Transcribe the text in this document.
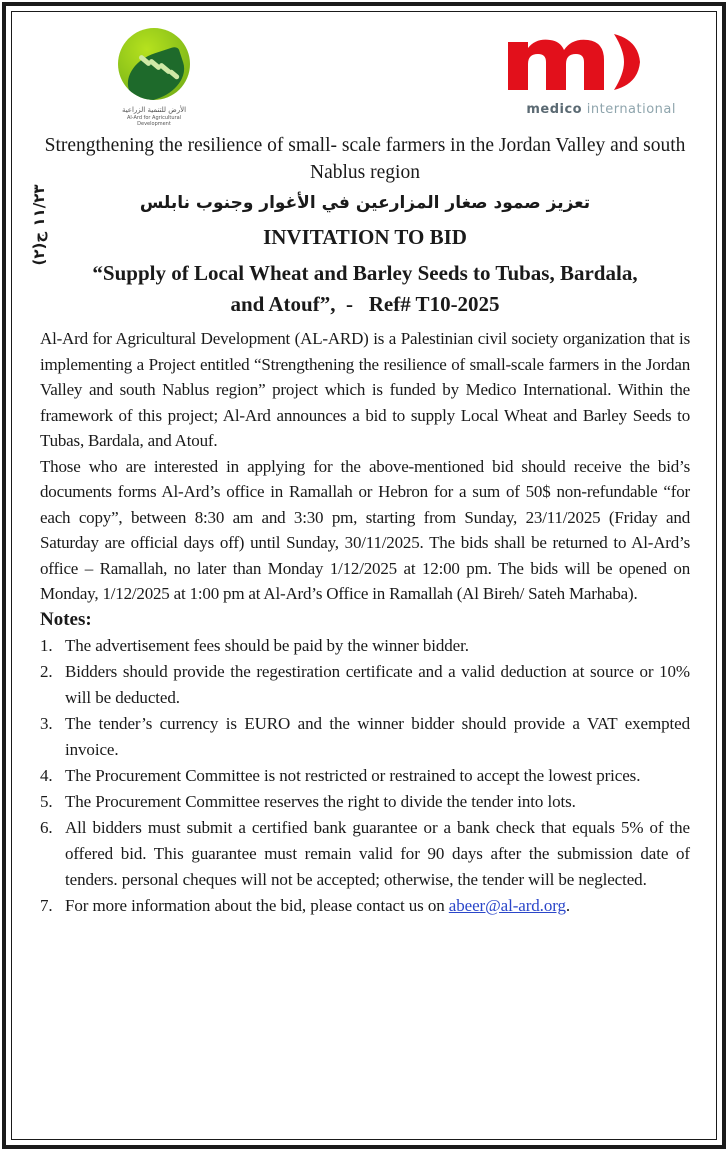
الأرض للتنمية الزراعية
Al-Ard for Agricultural Development
medico international
(٢)١١/٢٣ ج

Strengthening the resilience of small- scale farmers in the Jordan Valley and south Nablus region

تعزيز صمود صغار المزارعين في الأغوار وجنوب نابلس

INVITATION TO BID

“Supply of Local Wheat and Barley Seeds to Tubas, Bardala,
and Atouf”,  -   Ref# T10-2025

Al-Ard for Agricultural Development (AL-ARD) is a Palestinian civil society organization that is implementing a Project entitled “Strengthening the resilience of small-scale farmers in the Jordan Valley and south Nablus region” project which is funded by Medico International. Within the framework of this project; Al-Ard announces a bid to supply Local Wheat and Barley Seeds to Tubas, Bardala, and Atouf.

Those who are interested in applying for the above-mentioned bid should receive the bid’s documents forms Al-Ard’s office in Ramallah or Hebron for a sum of 50$ non-refundable “for each copy”, between 8:30 am and 3:30 pm, starting from Sunday, 23/11/2025 (Friday and Saturday are official days off) until Sunday, 30/11/2025. The bids shall be returned to Al-Ard’s office – Ramallah, no later than Monday 1/12/2025 at 12:00 pm. The bids will be opened on Monday, 1/12/2025 at 1:00 pm at Al-Ard’s Office in Ramallah (Al Bireh/ Sateh Marhaba).

Notes:

1. The advertisement fees should be paid by the winner bidder.
2. Bidders should provide the regestiration certificate and a valid deduction at source or 10% will be deducted.
3. The tender’s currency is EURO and the winner bidder should provide a VAT exempted invoice.
4. The Procurement Committee is not restricted or restrained to accept the lowest prices.
5. The Procurement Committee reserves the right to divide the tender into lots.
6. All bidders must submit a certified bank guarantee or a bank check that equals 5% of the offered bid. This guarantee must remain valid for 90 days after the submission date of tenders. personal cheques will not be accepted; otherwise, the tender will be neglected.
7. For more information about the bid, please contact us on abeer@al-ard.org.
